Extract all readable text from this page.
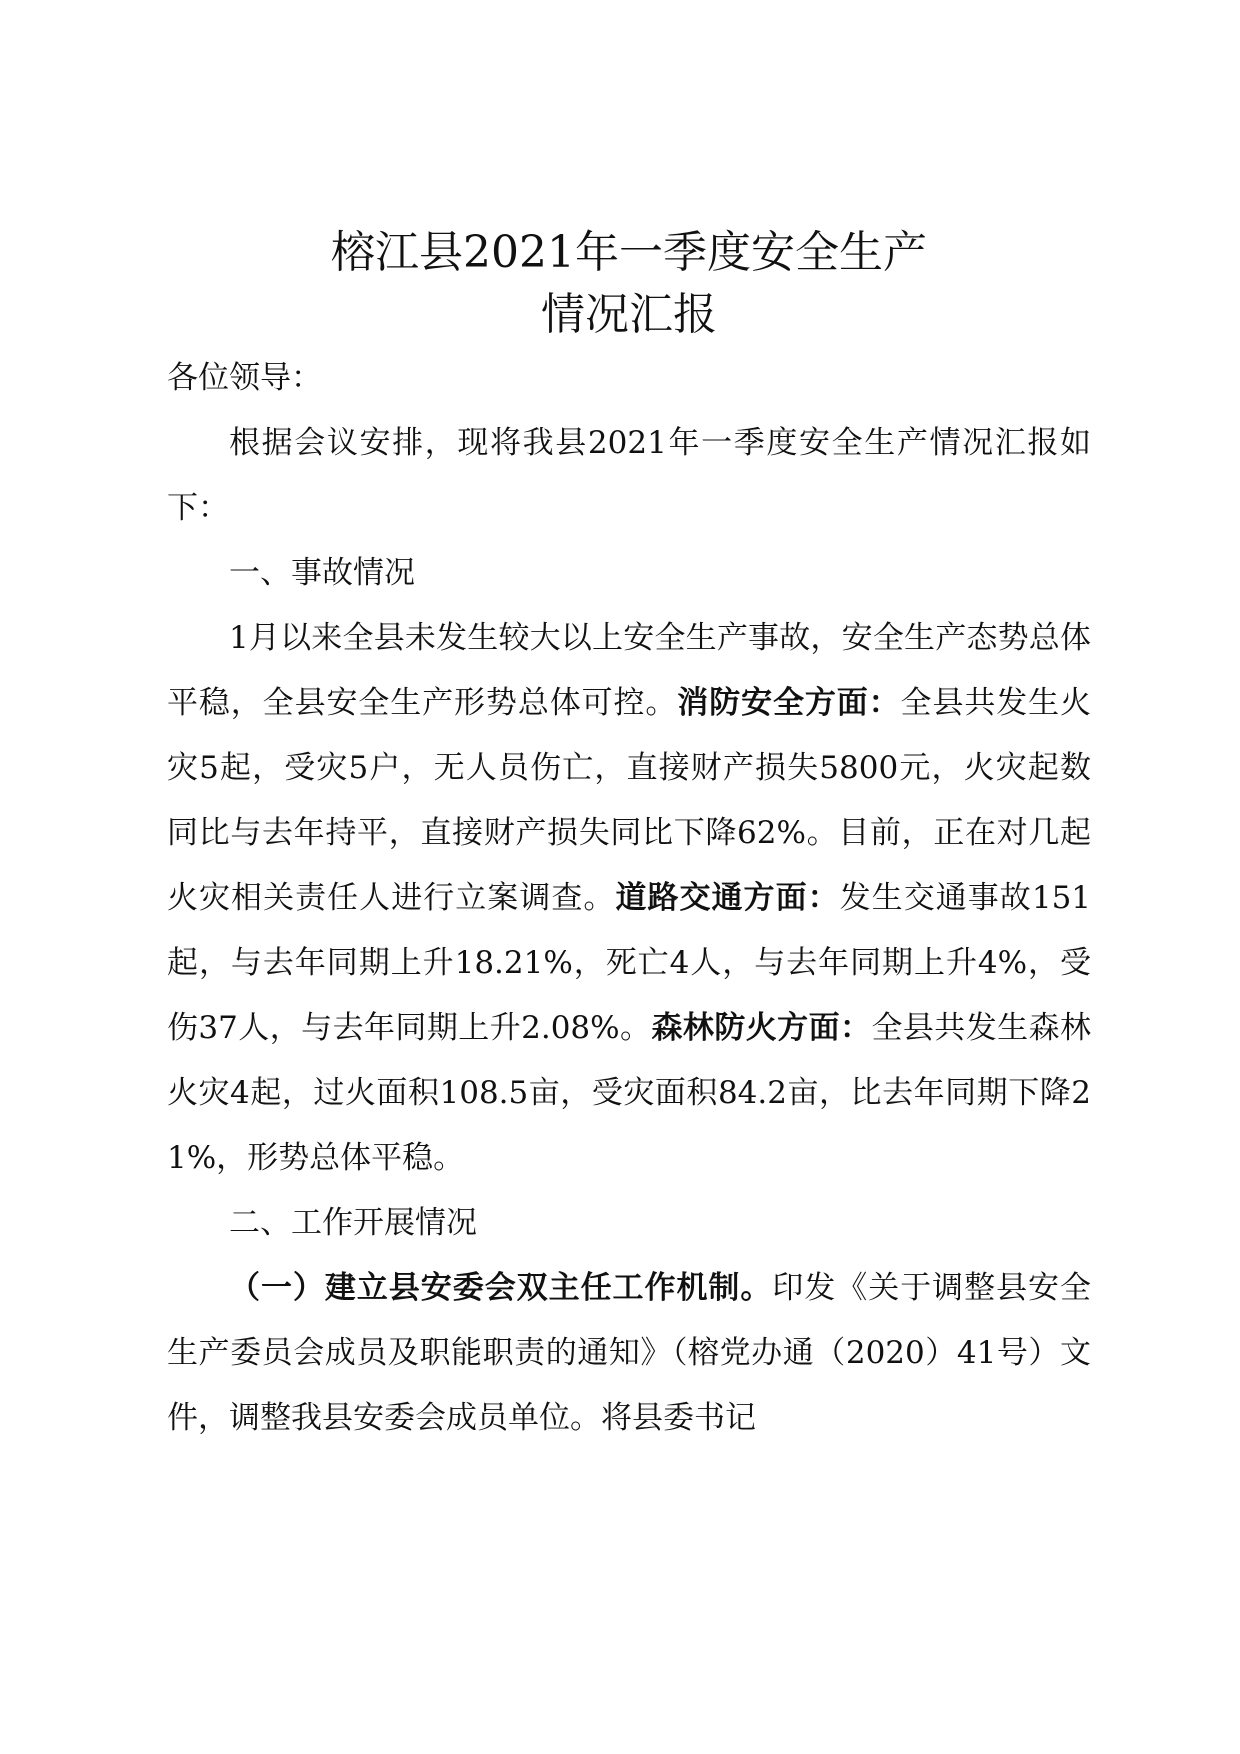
榕江县2021年一季度安全生产
情况汇报

各位领导：

根据会议安排，现将我县2021年一季度安全生产情况汇报如下：

一、事故情况

1月以来全县未发生较大以上安全生产事故，安全生产态势总体平稳，全县安全生产形势总体可控。消防安全方面：全县共发生火灾5起，受灾5户，无人员伤亡，直接财产损失5800元，火灾起数同比与去年持平，直接财产损失同比下降62%。目前，正在对几起火灾相关责任人进行立案调查。道路交通方面：发生交通事故151起，与去年同期上升18.21%，死亡4人，与去年同期上升4%，受伤37人，与去年同期上升2.08%。森林防火方面：全县共发生森林火灾4起，过火面积108.5亩，受灾面积84.2亩，比去年同期下降21%，形势总体平稳。

二、工作开展情况

（一）建立县安委会双主任工作机制。印发《关于调整县安全生产委员会成员及职能职责的通知》（榕党办通（2020）41号）文件，调整我县安委会成员单位。将县委书记
